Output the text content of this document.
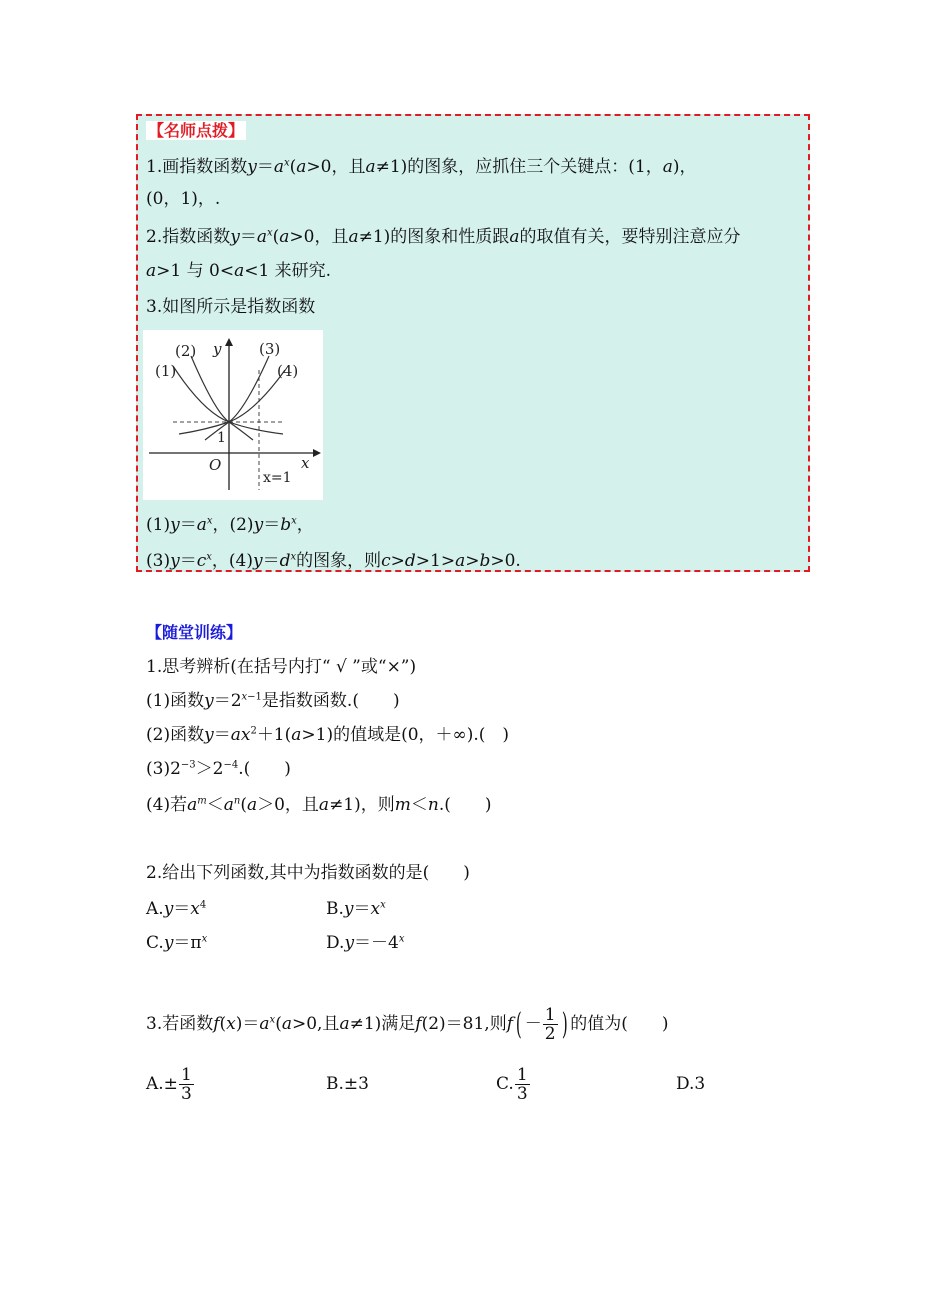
【名师点拨】
1.画指数函数$y=a^x(a>0$，且a≠1)的图象，应抓住三个关键点：(1，a)，
(0，1)，.
2.指数函数$y=a^x(a>0$，且a≠1)的图象和性质跟a的取值有关，要特别注意应分
a>1 与 0<a<1 来研究.
3.如图所示是指数函数
(1)
(2)	(3)
(4)
y
x
1
O
x=1
$(1)y=a^x$，$(2)y=b^x$，
$(3)y=c^x$，$(4)y=d^x$的图象，则c>d>1>a>b>0.
【随堂训练】
1.思考辨析(在括号内打“ √ ”或“×”)
(1)函数$y=2^{x-1}$是指数函数.(　　)
(2)函数$y=ax^2+1(a>1)$的值域是(0，＋∞).(　)
$(3)2^{-3}>2^{-4}$.(　　)
(4)若$a^m<a^n(a>0$，且a≠1)，则m＜n.(　　)
2.给出下列函数,其中为指数函数的是(　　)
$A.y=x^4$	$B.y=x^x$
$C.y=\pi^x$	$D.y=-4^x$
3.若函数$f(x)=a^x(a>0$,且a≠1)满足f(2)＝81,则$f( - \frac{1}{2}$ ) 的值为(　　)
$A.\pm \frac{1}{3}$	B.±3	C. $\frac{1}{3}$	D.3
